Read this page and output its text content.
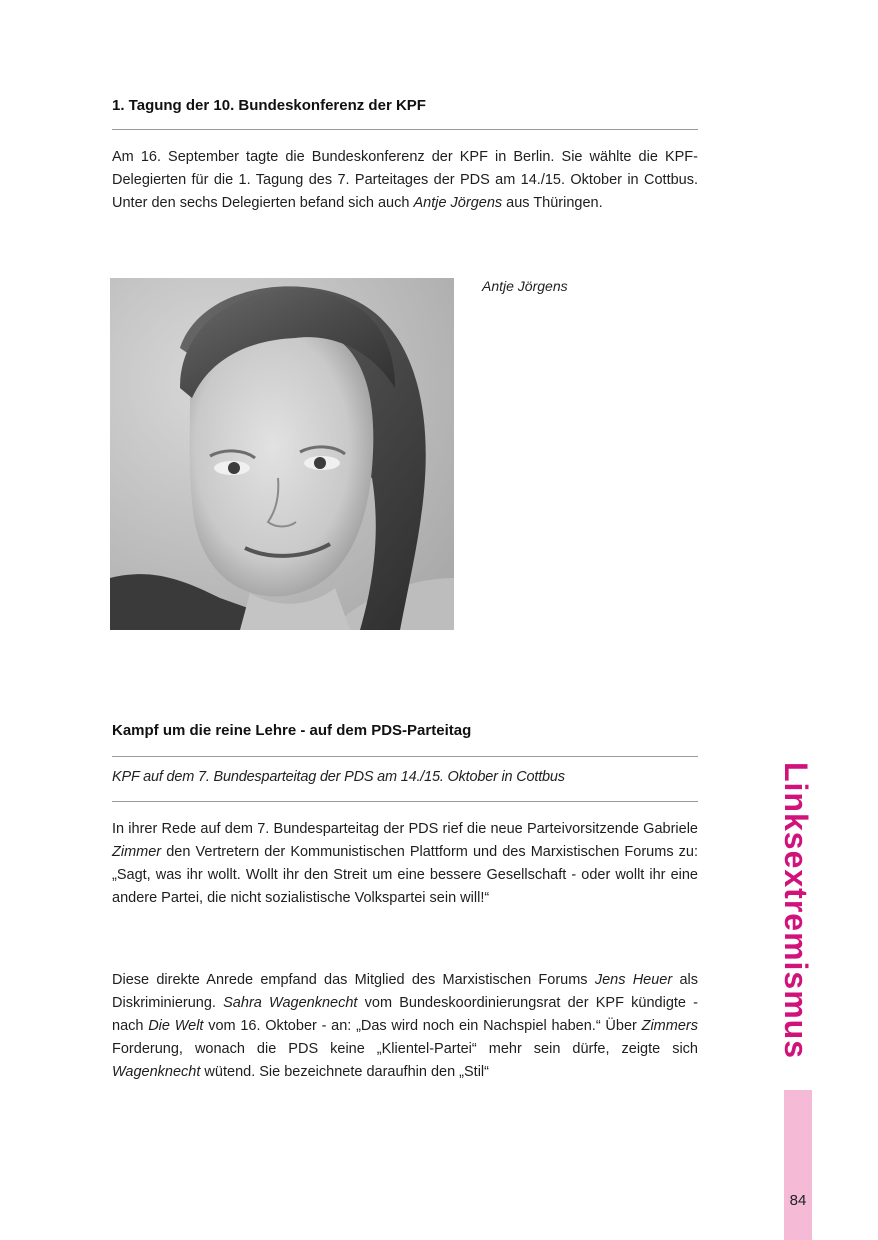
1. Tagung der 10. Bundeskonferenz der KPF

Am 16. September tagte die Bundeskonferenz der KPF in Berlin. Sie wählte die KPF-Delegierten für die 1. Tagung des 7. Parteitages der PDS am 14./15. Oktober in Cottbus. Unter den sechs Delegierten befand sich auch Antje Jörgens aus Thüringen.

Antje Jörgens
Kampf um die reine Lehre - auf dem PDS-Parteitag
KPF auf dem 7. Bundesparteitag der PDS am 14./15. Oktober in Cottbus

In ihrer Rede auf dem 7. Bundesparteitag der PDS rief die neue Parteivorsitzende Gabriele Zimmer den Vertretern der Kommunistischen Plattform und des Marxistischen Forums zu: „Sagt, was ihr wollt. Wollt ihr den Streit um eine bessere Gesellschaft - oder wollt ihr eine andere Partei, die nicht sozialistische Volkspartei sein will!“

Diese direkte Anrede empfand das Mitglied des Marxistischen Forums Jens Heuer als Diskriminierung. Sahra Wagenknecht vom Bundeskoordinierungsrat der KPF kündigte - nach Die Welt vom 16. Oktober - an: „Das wird noch ein Nachspiel haben.“ Über Zimmers Forderung, wonach die PDS keine „Klientel-Partei“ mehr sein dürfe, zeigte sich Wagenknecht wütend. Sie bezeichnete daraufhin den „Stil“

Linksextremismus
84
